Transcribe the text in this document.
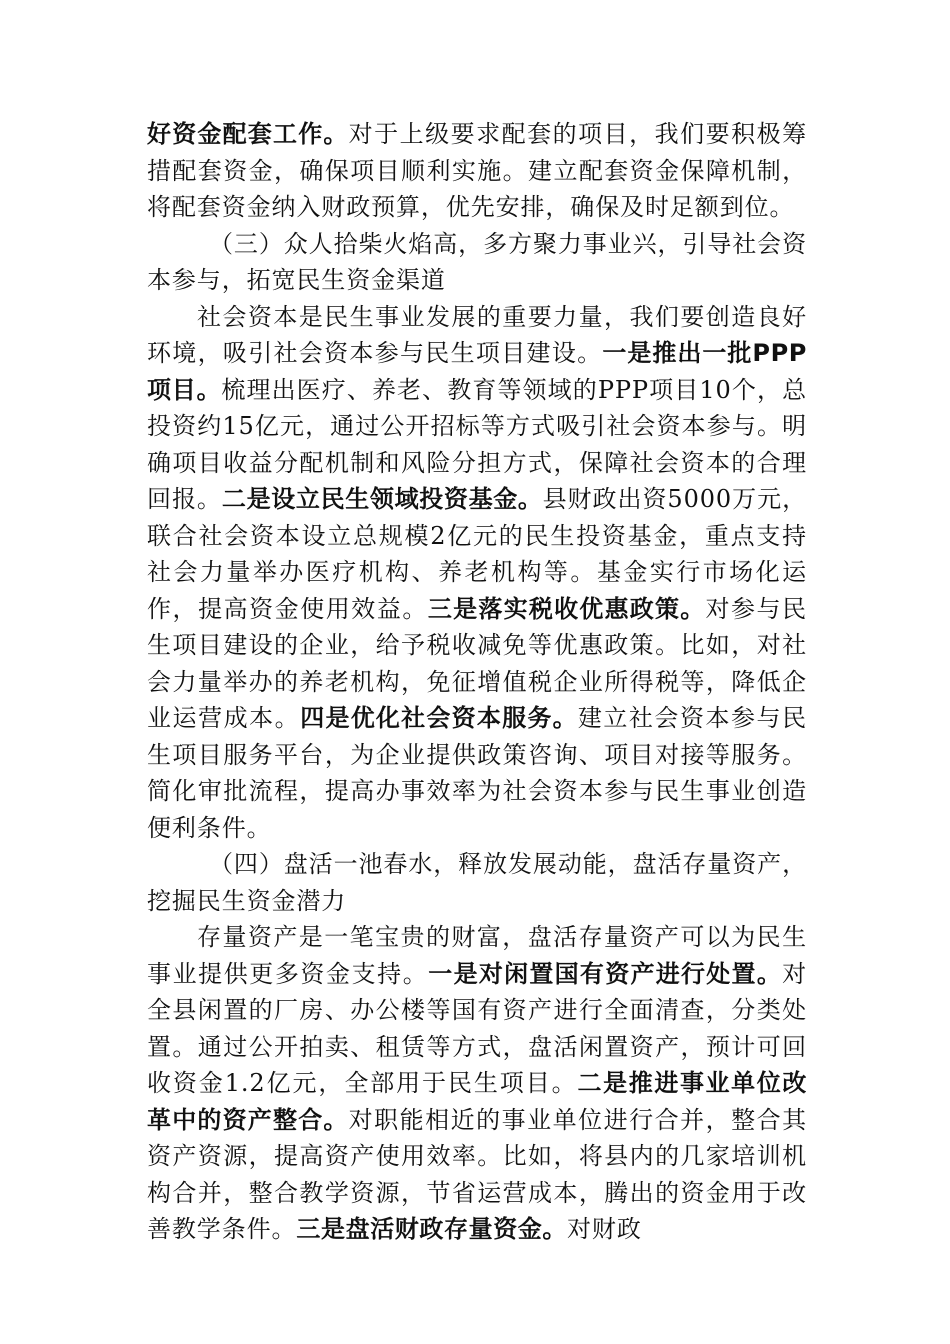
好资金配套工作。对于上级要求配套的项目，我们要积极筹措配套资金，确保项目顺利实施。建立配套资金保障机制，将配套资金纳入财政预算，优先安排，确保及时足额到位。

（三）众人拾柴火焰高，多方聚力事业兴，引导社会资本参与，拓宽民生资金渠道

社会资本是民生事业发展的重要力量，我们要创造良好环境，吸引社会资本参与民生项目建设。一是推出一批PPP项目。梳理出医疗、养老、教育等领域的PPP项目10个，总投资约15亿元，通过公开招标等方式吸引社会资本参与。明确项目收益分配机制和风险分担方式，保障社会资本的合理回报。二是设立民生领域投资基金。县财政出资5000万元，联合社会资本设立总规模2亿元的民生投资基金，重点支持社会力量举办医疗机构、养老机构等。基金实行市场化运作，提高资金使用效益。三是落实税收优惠政策。对参与民生项目建设的企业，给予税收减免等优惠政策。比如，对社会力量举办的养老机构，免征增值税企业所得税等，降低企业运营成本。四是优化社会资本服务。建立社会资本参与民生项目服务平台，为企业提供政策咨询、项目对接等服务。简化审批流程，提高办事效率为社会资本参与民生事业创造便利条件。

（四）盘活一池春水，释放发展动能，盘活存量资产，挖掘民生资金潜力

存量资产是一笔宝贵的财富，盘活存量资产可以为民生事业提供更多资金支持。一是对闲置国有资产进行处置。对全县闲置的厂房、办公楼等国有资产进行全面清查，分类处置。通过公开拍卖、租赁等方式，盘活闲置资产，预计可回收资金1.2亿元，全部用于民生项目。二是推进事业单位改革中的资产整合。对职能相近的事业单位进行合并，整合其资产资源，提高资产使用效率。比如，将县内的几家培训机构合并，整合教学资源，节省运营成本，腾出的资金用于改善教学条件。三是盘活财政存量资金。对财政
